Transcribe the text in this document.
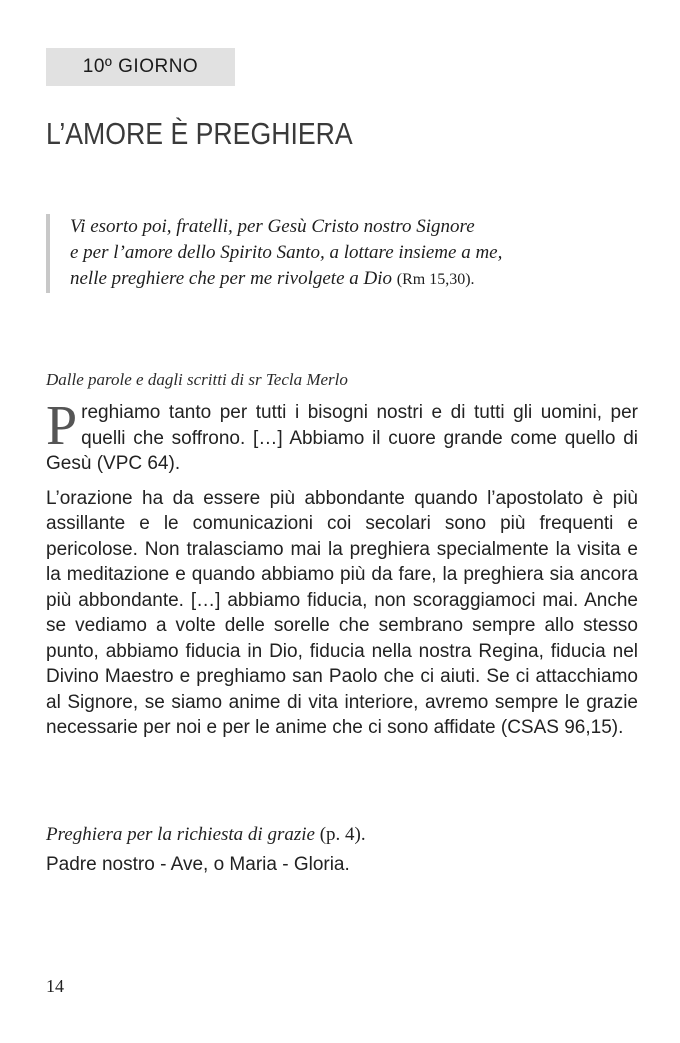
10º GIORNO
L’AMORE È PREGHIERA
Vi esorto poi, fratelli, per Gesù Cristo nostro Signore
e per l’amore dello Spirito Santo, a lottare insieme a me,
nelle preghiere che per me rivolgete a Dio (Rm 15,30).
Dalle parole e dagli scritti di sr Tecla Merlo

Preghiamo tanto per tutti i bisogni nostri e di tutti gli uomini, per quelli che soffrono. […] Abbiamo il cuore grande come quello di Gesù (VPC 64).

L’orazione ha da essere più abbondante quando l’apostolato è più assillante e le comunicazioni coi secolari sono più frequenti e pericolose. Non tralasciamo mai la preghiera specialmente la visita e la meditazione e quando abbiamo più da fare, la preghiera sia ancora più abbondante. […] abbiamo fiducia, non scoraggiamoci mai. Anche se vediamo a volte delle sorelle che sembrano sempre allo stesso punto, abbiamo fiducia in Dio, fiducia nella nostra Regina, fiducia nel Divino Maestro e preghiamo san Paolo che ci aiuti. Se ci attacchiamo al Signore, se siamo anime di vita interiore, avremo sempre le grazie necessarie per noi e per le anime che ci sono affidate (CSAS 96,15).

Preghiera per la richiesta di grazie (p. 4).
Padre nostro - Ave, o Maria - Gloria.
14
